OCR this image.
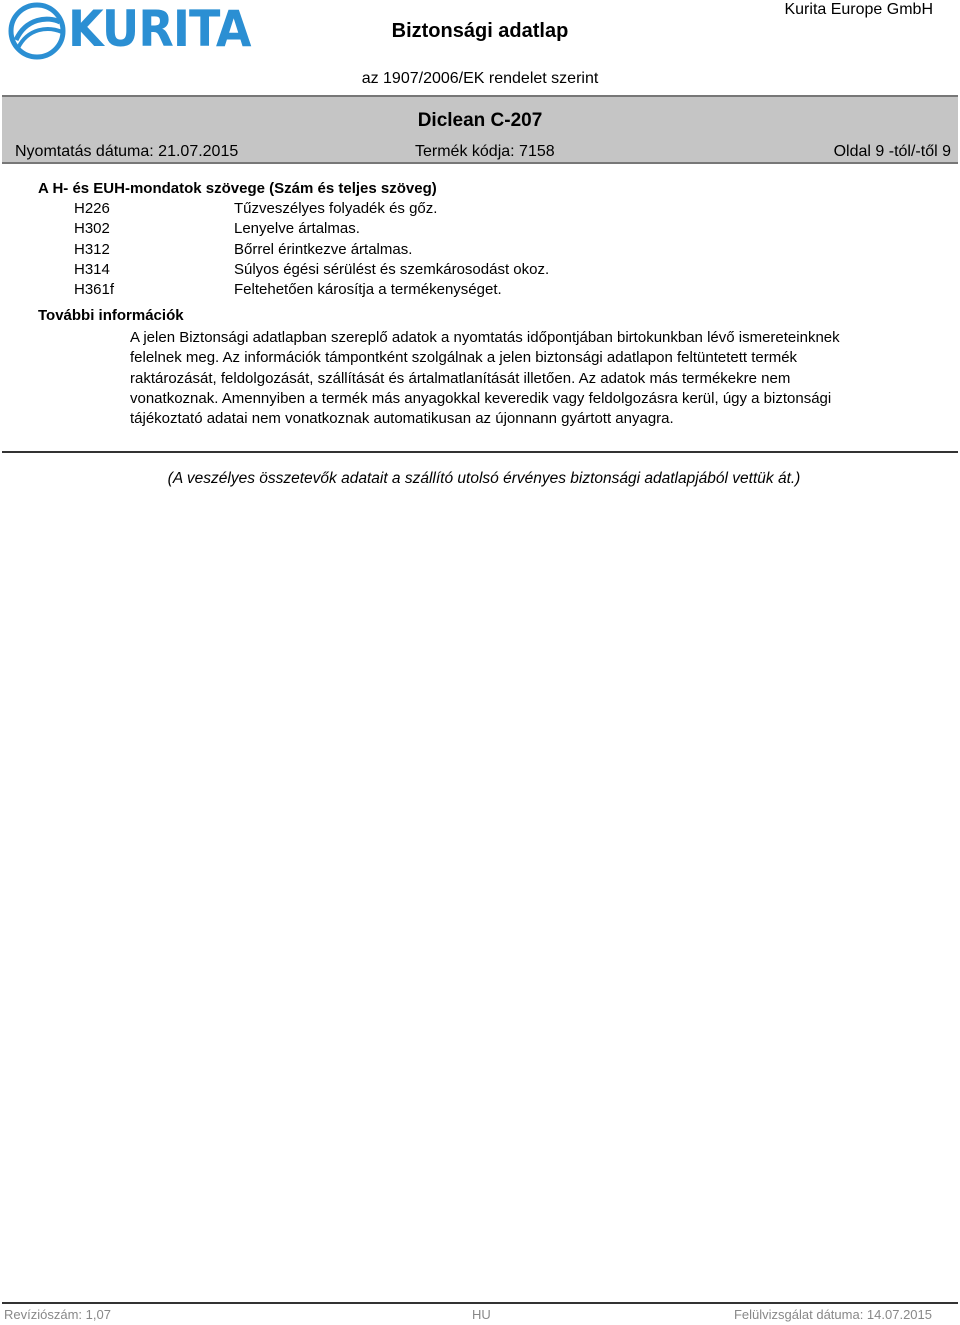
KURITA	Biztonsági adatlap
az 1907/2006/EK rendelet szerint
Kurita Europe GmbH
Diclean C-207
Nyomtatás dátuma: 21.07.2015	Termék kódja: 7158	Oldal 9 -tól/-től 9
A H- és EUH-mondatok szövege (Szám és teljes szöveg)
H226	Tűzveszélyes folyadék és gőz.
H302	Lenyelve ártalmas.
H312	Bőrrel érintkezve ártalmas.
H314	Súlyos égési sérülést és szemkárosodást okoz.
H361f	Feltehetően károsítja a termékenységet.
További információk
A jelen Biztonsági adatlapban szereplő adatok a nyomtatás időpontjában birtokunkban lévő ismereteinknek felelnek meg. Az információk támpontként szolgálnak a jelen biztonsági adatlapon feltüntetett termék raktározását, feldolgozását, szállítását és ártalmatlanítását illetően. Az adatok más termékekre nem vonatkoznak. Amennyiben a termék más anyagokkal keveredik vagy feldolgozásra kerül, úgy a biztonsági tájékoztató adatai nem vonatkoznak automatikusan az újonnann gyártott anyagra.
(A veszélyes összetevők adatait a szállító utolsó érvényes biztonsági adatlapjából vettük át.)
Revíziószám: 1,07	HU	Felülvizsgálat dátuma: 14.07.2015
